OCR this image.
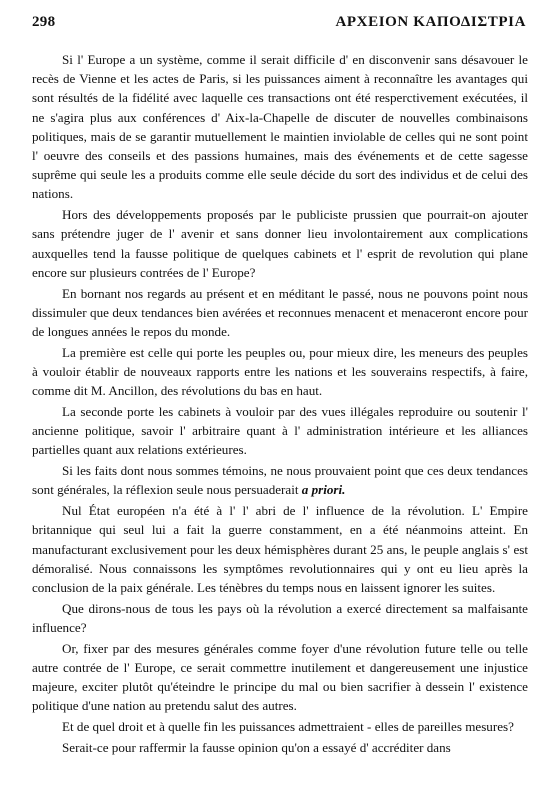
298	ΑΡΧΕΙΟΝ ΚΑΠΟΔΙΣΤΡΙΑ

Si l' Europe a un système, comme il serait difficile d' en disconvenir sans désavouer le recès de Vienne et les actes de Paris, si les puissances aiment à reconnaître les avantages qui sont résultés de la fidélité avec laquelle ces transactions ont été resperctivement exécutées, il ne s'agira plus aux conférences d' Aix-la-Chapelle de discuter de nouvelles combinaisons politiques, mais de se garantir mutuellement le maintien inviolable de celles qui ne sont point l' oeuvre des conseils et des passions humaines, mais des événements et de cette sagesse suprême qui seule les a produits comme elle seule décide du sort des individus et de celui des nations.

Hors des développements proposés par le publiciste prussien que pourrait-on ajouter sans prétendre juger de l' avenir et sans donner lieu involontairement aux complications auxquelles tend la fausse politique de quelques cabinets et l' esprit de revolution qui plane encore sur plusieurs contrées de l' Europe?

En bornant nos regards au présent et en méditant le passé, nous ne pouvons point nous dissimuler que deux tendances bien avérées et reconnues menacent et menaceront encore pour de longues années le repos du monde.

La première est celle qui porte les peuples ou, pour mieux dire, les meneurs des peuples à vouloir établir de nouveaux rapports entre les nations et les souverains respectifs, à faire, comme dit M. Ancillon, des révolutions du bas en haut.

La seconde porte les cabinets à vouloir par des vues illégales reproduire ou soutenir l' ancienne politique, savoir l' arbitraire quant à l' administration intérieure et les alliances partielles quant aux relations extérieures.

Si les faits dont nous sommes témoins, ne nous prouvaient point que ces deux tendances sont générales, la réflexion seule nous persuaderait a priori.

Nul État européen n'a été à l' l' abri de l' influence de la révolution. L' Empire britannique qui seul lui a fait la guerre constamment, en a été néanmoins atteint. En manufacturant exclusivement pour les deux hémisphères durant 25 ans, le peuple anglais s' est démoralisé. Nous connaissons les symptômes revolutionnaires qui y ont eu lieu après la conclusion de la paix générale. Les ténèbres du temps nous en laissent ignorer les suites.

Que dirons-nous de tous les pays où la révolution a exercé directement sa malfaisante influence?

Or, fixer par des mesures générales comme foyer d'une révolution future telle ou telle autre contrée de l' Europe, ce serait commettre inutilement et dangereusement une injustice majeure, exciter plutôt qu'éteindre le principe du mal ou bien sacrifier à dessein l' existence politique d'une nation au pretendu salut des autres.

Et de quel droit et à quelle fin les puissances admettraient - elles de pareilles mesures?

Serait-ce pour raffermir la fausse opinion qu'on a essayé d' accréditer dans
